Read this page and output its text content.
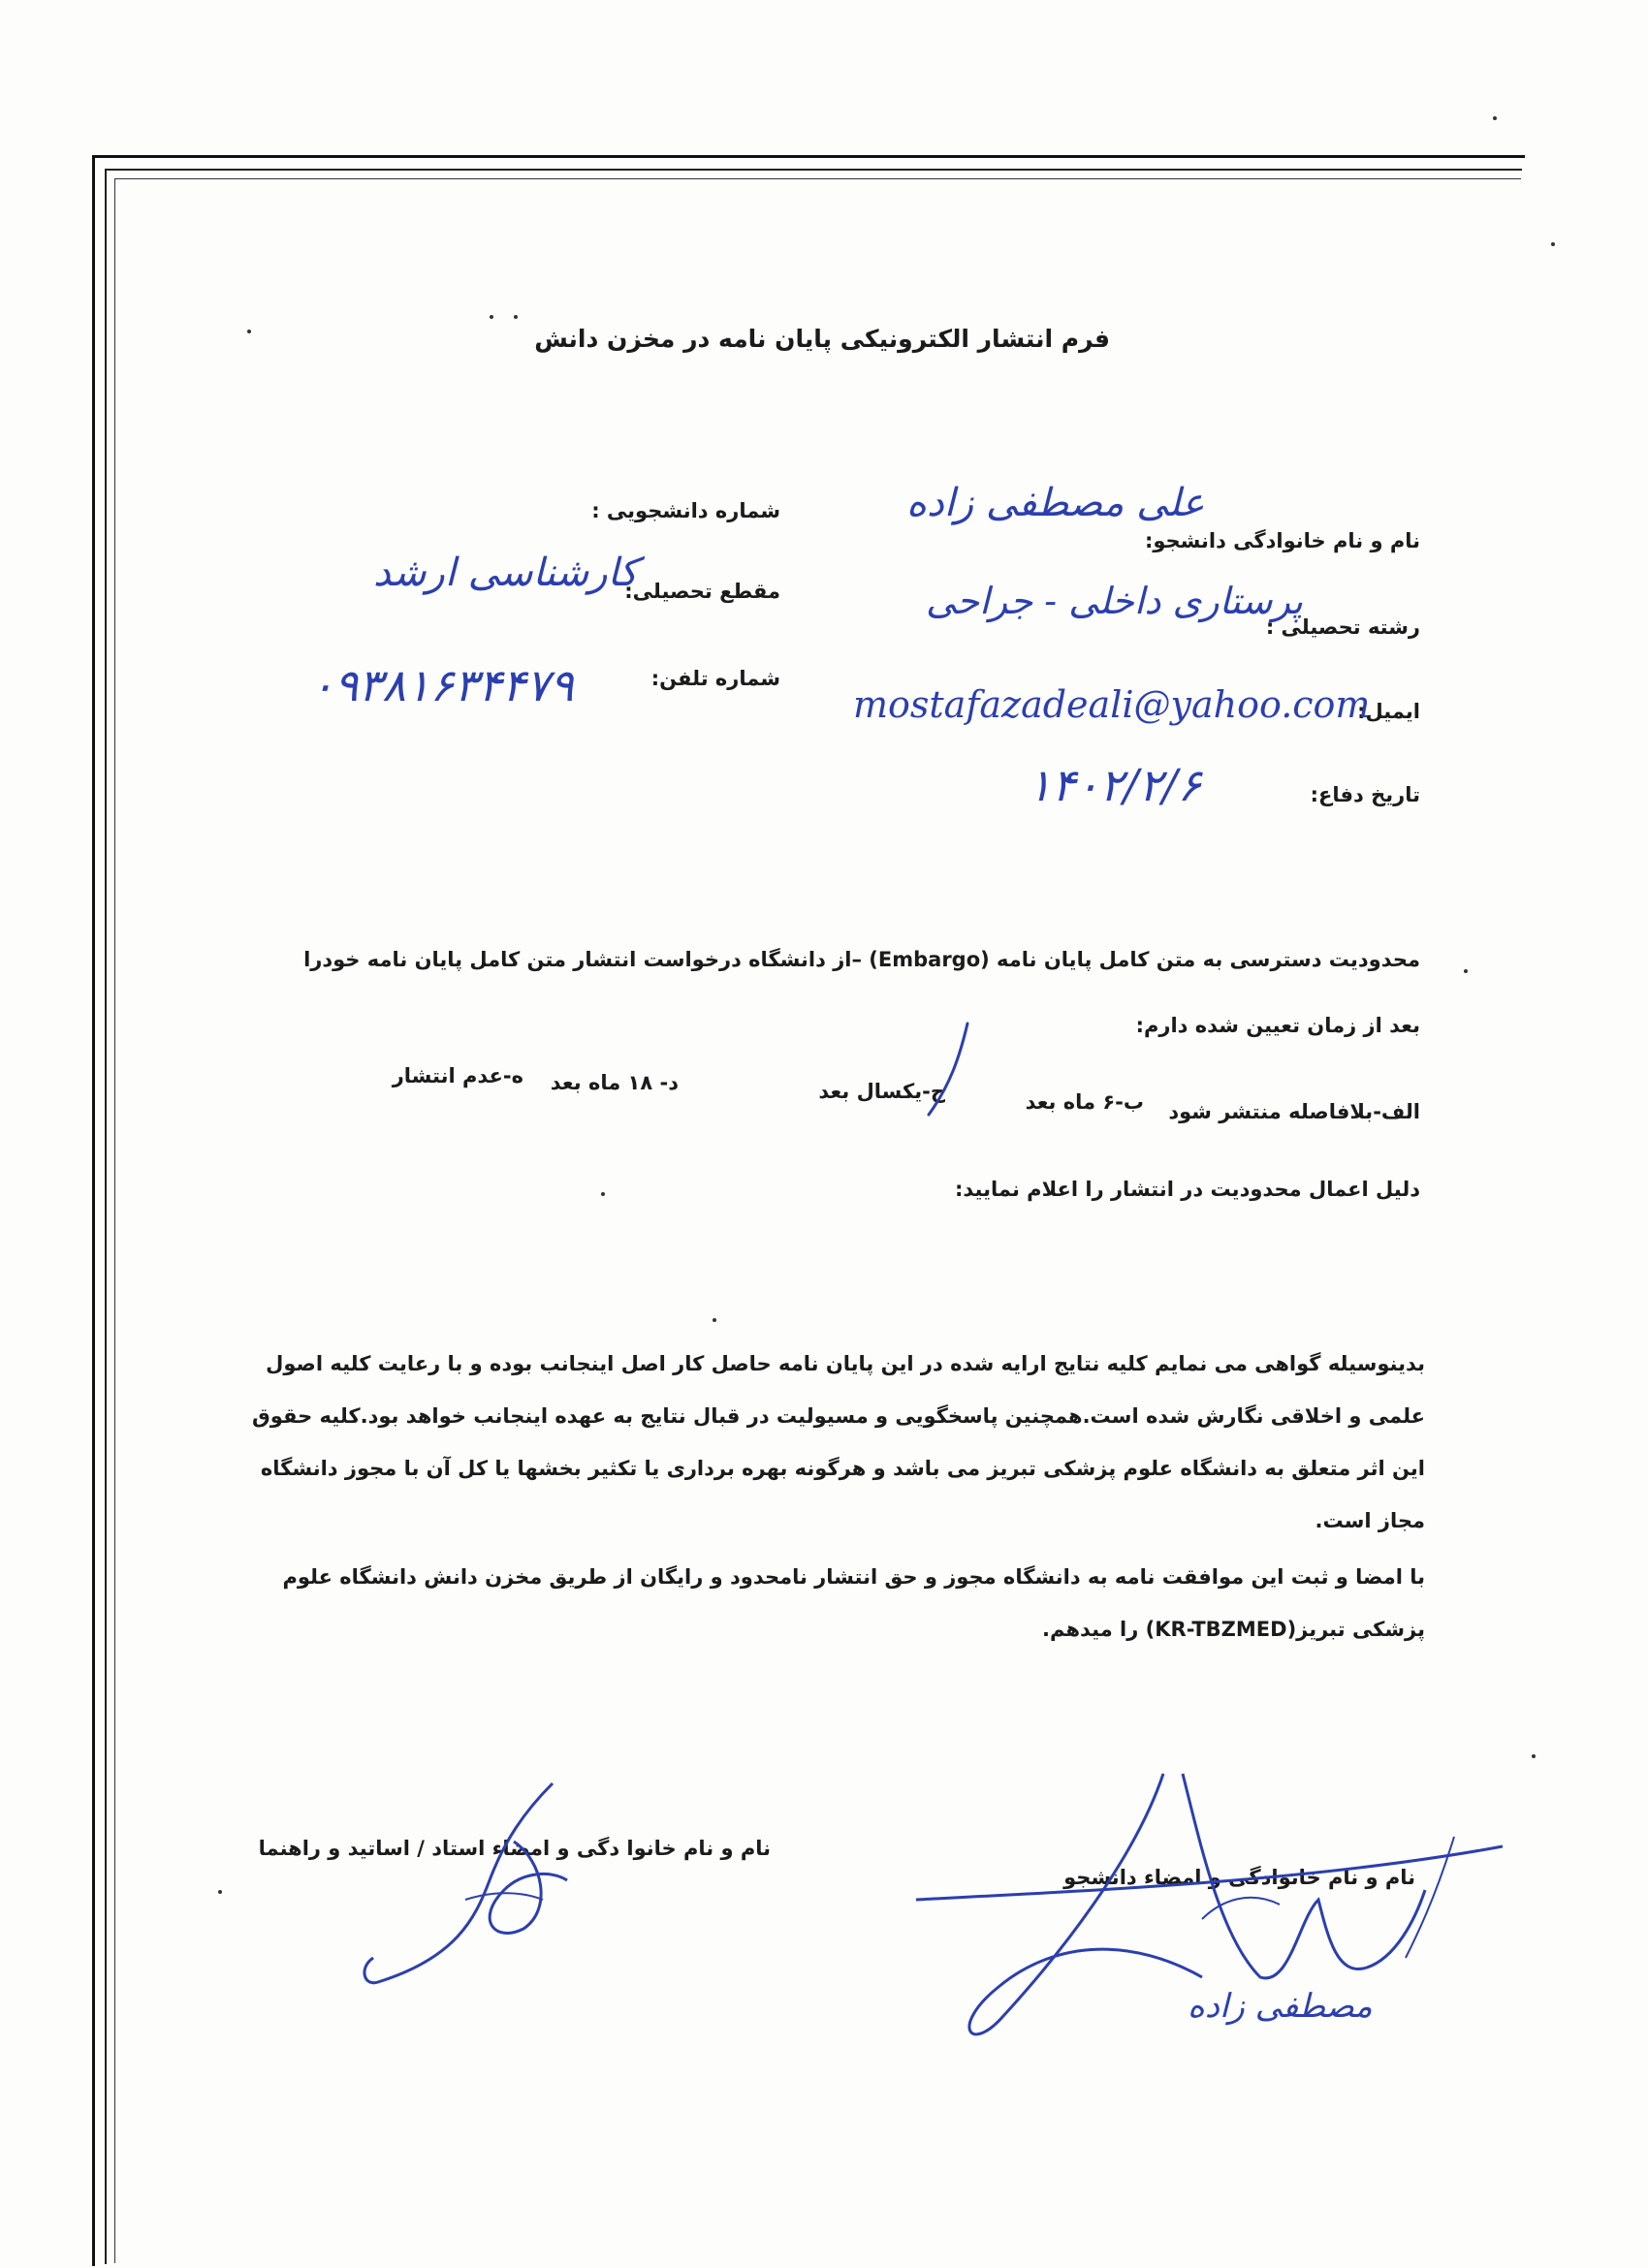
فرم انتشار الکترونیکی پایان نامه در مخزن دانش
نام و نام خانوادگی دانشجو:
علی مصطفی زاده
رشته تحصیلی :
پرستاری داخلی - جراحی
ایمیل:
mostafazadeali@yahoo.com
تاریخ دفاع:
۱۴۰۲/۲/۶
شماره دانشجویی :
مقطع تحصیلی:
کارشناسی ارشد
شماره تلفن:
۰۹۳۸۱۶۳۴۴۷۹
محدودیت دسترسی به متن کامل پایان نامه (Embargo) –از دانشگاه درخواست انتشار متن کامل پایان نامه خودرا
بعد از زمان تعیین شده دارم:
الف-بلافاصله منتشر شود
ب-۶ ماه بعد
ج-یکسال بعد
د- ۱۸ ماه بعد
ه-عدم انتشار
دلیل اعمال محدودیت در انتشار را اعلام نمایید:
بدینوسیله گواهی می نمایم کلیه نتایج ارایه شده در این پایان نامه حاصل کار اصل اینجانب بوده و با رعایت کلیه اصول
علمی و اخلاقی نگارش شده است.همچنین پاسخگویی و مسیولیت در قبال نتایج به عهده اینجانب خواهد بود.کلیه حقوق
این اثر متعلق به دانشگاه علوم پزشکی تبریز می باشد و هرگونه بهره برداری یا تکثیر بخشها یا کل آن با مجوز دانشگاه
مجاز است.
با امضا و ثبت این موافقت نامه به دانشگاه مجوز و حق انتشار نامحدود و رایگان از طریق مخزن دانش دانشگاه علوم
پزشکی تبریز(KR-TBZMED) را میدهم.
نام و نام خانوادگی و امضاء دانشجو
نام و نام خانوا دگی و امضاء استاد / اساتید و راهنما
مصطفی زاده
